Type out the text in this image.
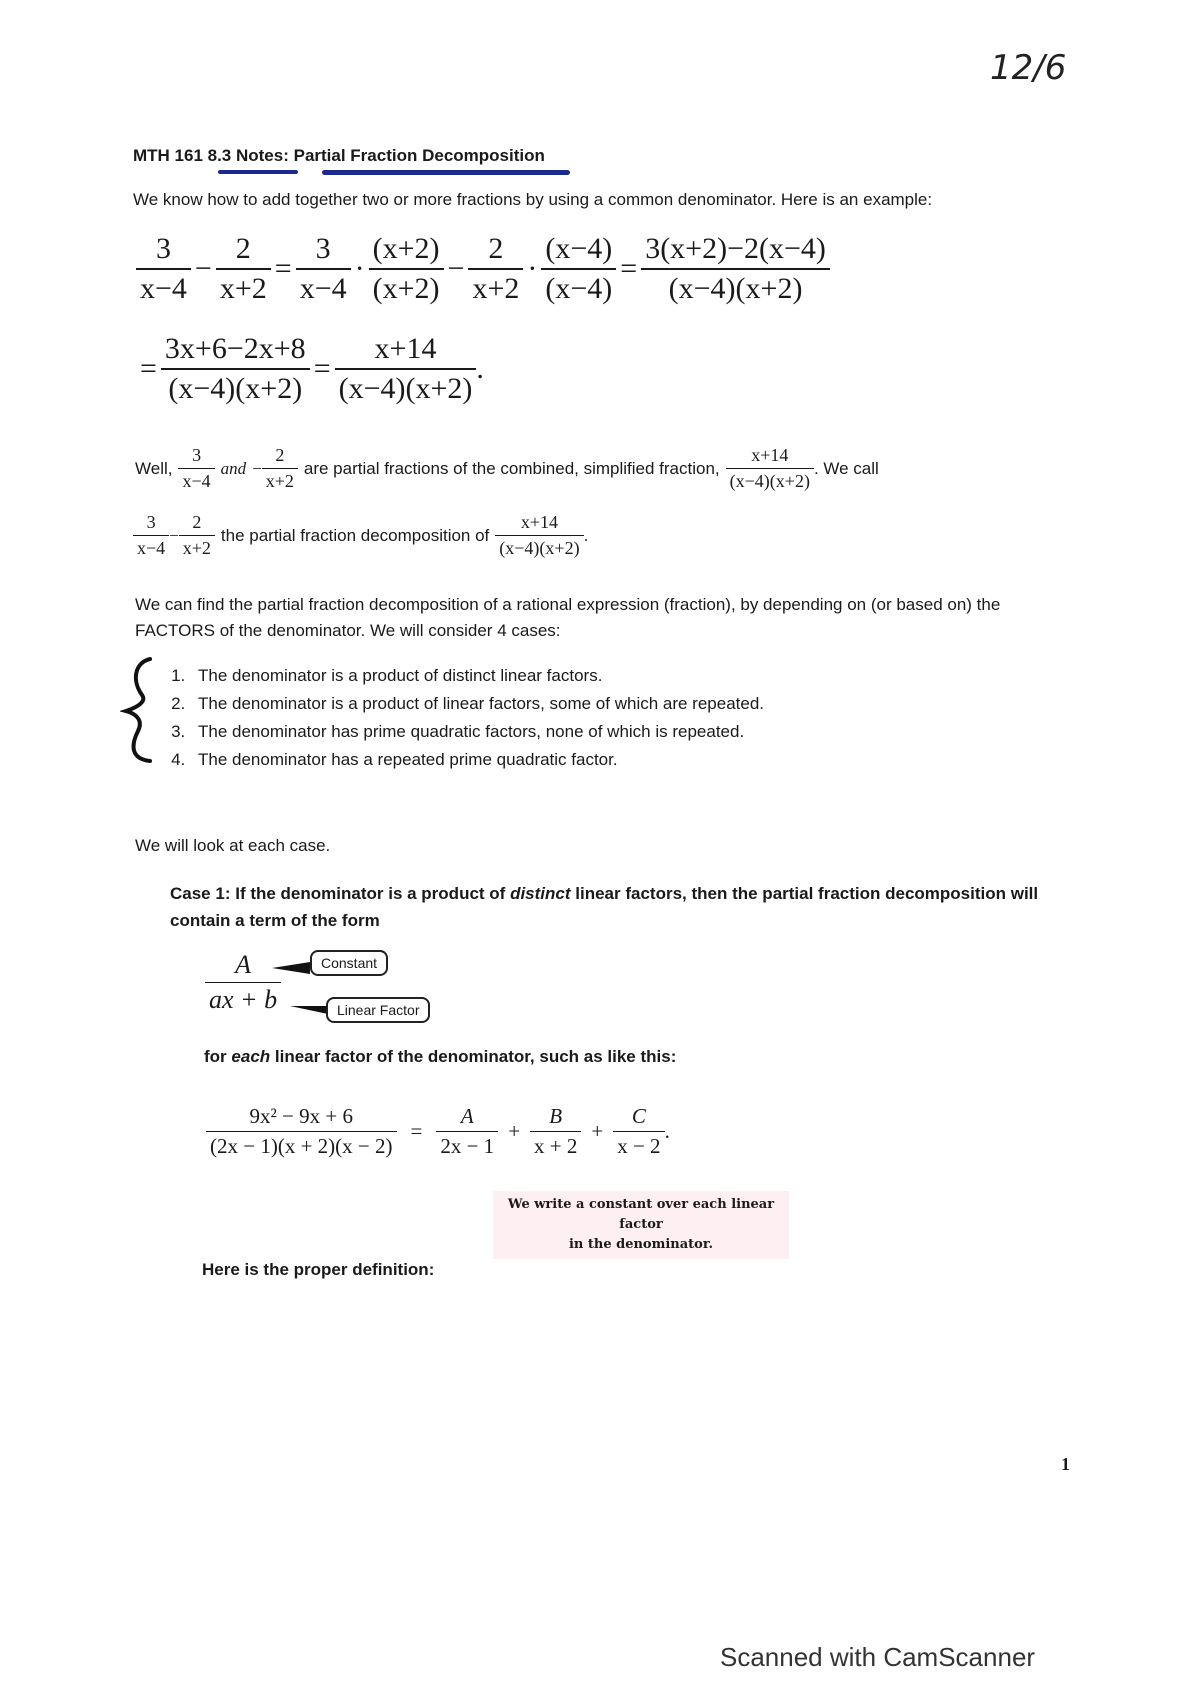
12/6
MTH 161 8.3 Notes: Partial Fraction Decomposition
We know how to add together two or more fractions by using a common denominator. Here is an example:
$\frac{3}{x-4} - \frac{2}{x+2} = \frac{3}{x-4} \cdot \frac{(x+2)}{(x+2)} - \frac{2}{x+2} \cdot \frac{(x-4)}{(x-4)} = \frac{3(x+2)-2(x-4)}{(x-4)(x+2)}$
= $\frac{3x+6-2x+8}{(x-4)(x+2)} = \frac{x+14}{(x-4)(x+2)}$ .
Well, $\frac{3}{x-4}$ and − $\frac{2}{x+2}$ are partial fractions of the combined, simplified fraction, $\frac{x+14}{(x-4)(x+2)}$ . We call
$\frac{3}{x-4} - \frac{2}{x+2}$ the partial fraction decomposition of $\frac{x+14}{(x-4)(x+2)}$ .
We can find the partial fraction decomposition of a rational expression (fraction), by depending on (or based on) the FACTORS of the denominator. We will consider 4 cases:
1. The denominator is a product of distinct linear factors.
2. The denominator is a product of linear factors, some of which are repeated.
3. The denominator has prime quadratic factors, none of which is repeated.
4. The denominator has a repeated prime quadratic factor.
We will look at each case.
Case 1: If the denominator is a product of distinct linear factors, then the partial fraction decomposition will contain a term of the form
A
ax + b
Constant
Linear Factor
for each linear factor of the denominator, such as like this:
$\frac{\text{9x² − 9x + 6}}{(2x - 1)(x + 2)(x - 2)} = \frac{A}{2x - 1} + \frac{B}{x + 2} + \frac{C}{x - 2}$ .
We write a constant over each linear factor
in the denominator.
Here is the proper definition:
1
Scanned with CamScanner
